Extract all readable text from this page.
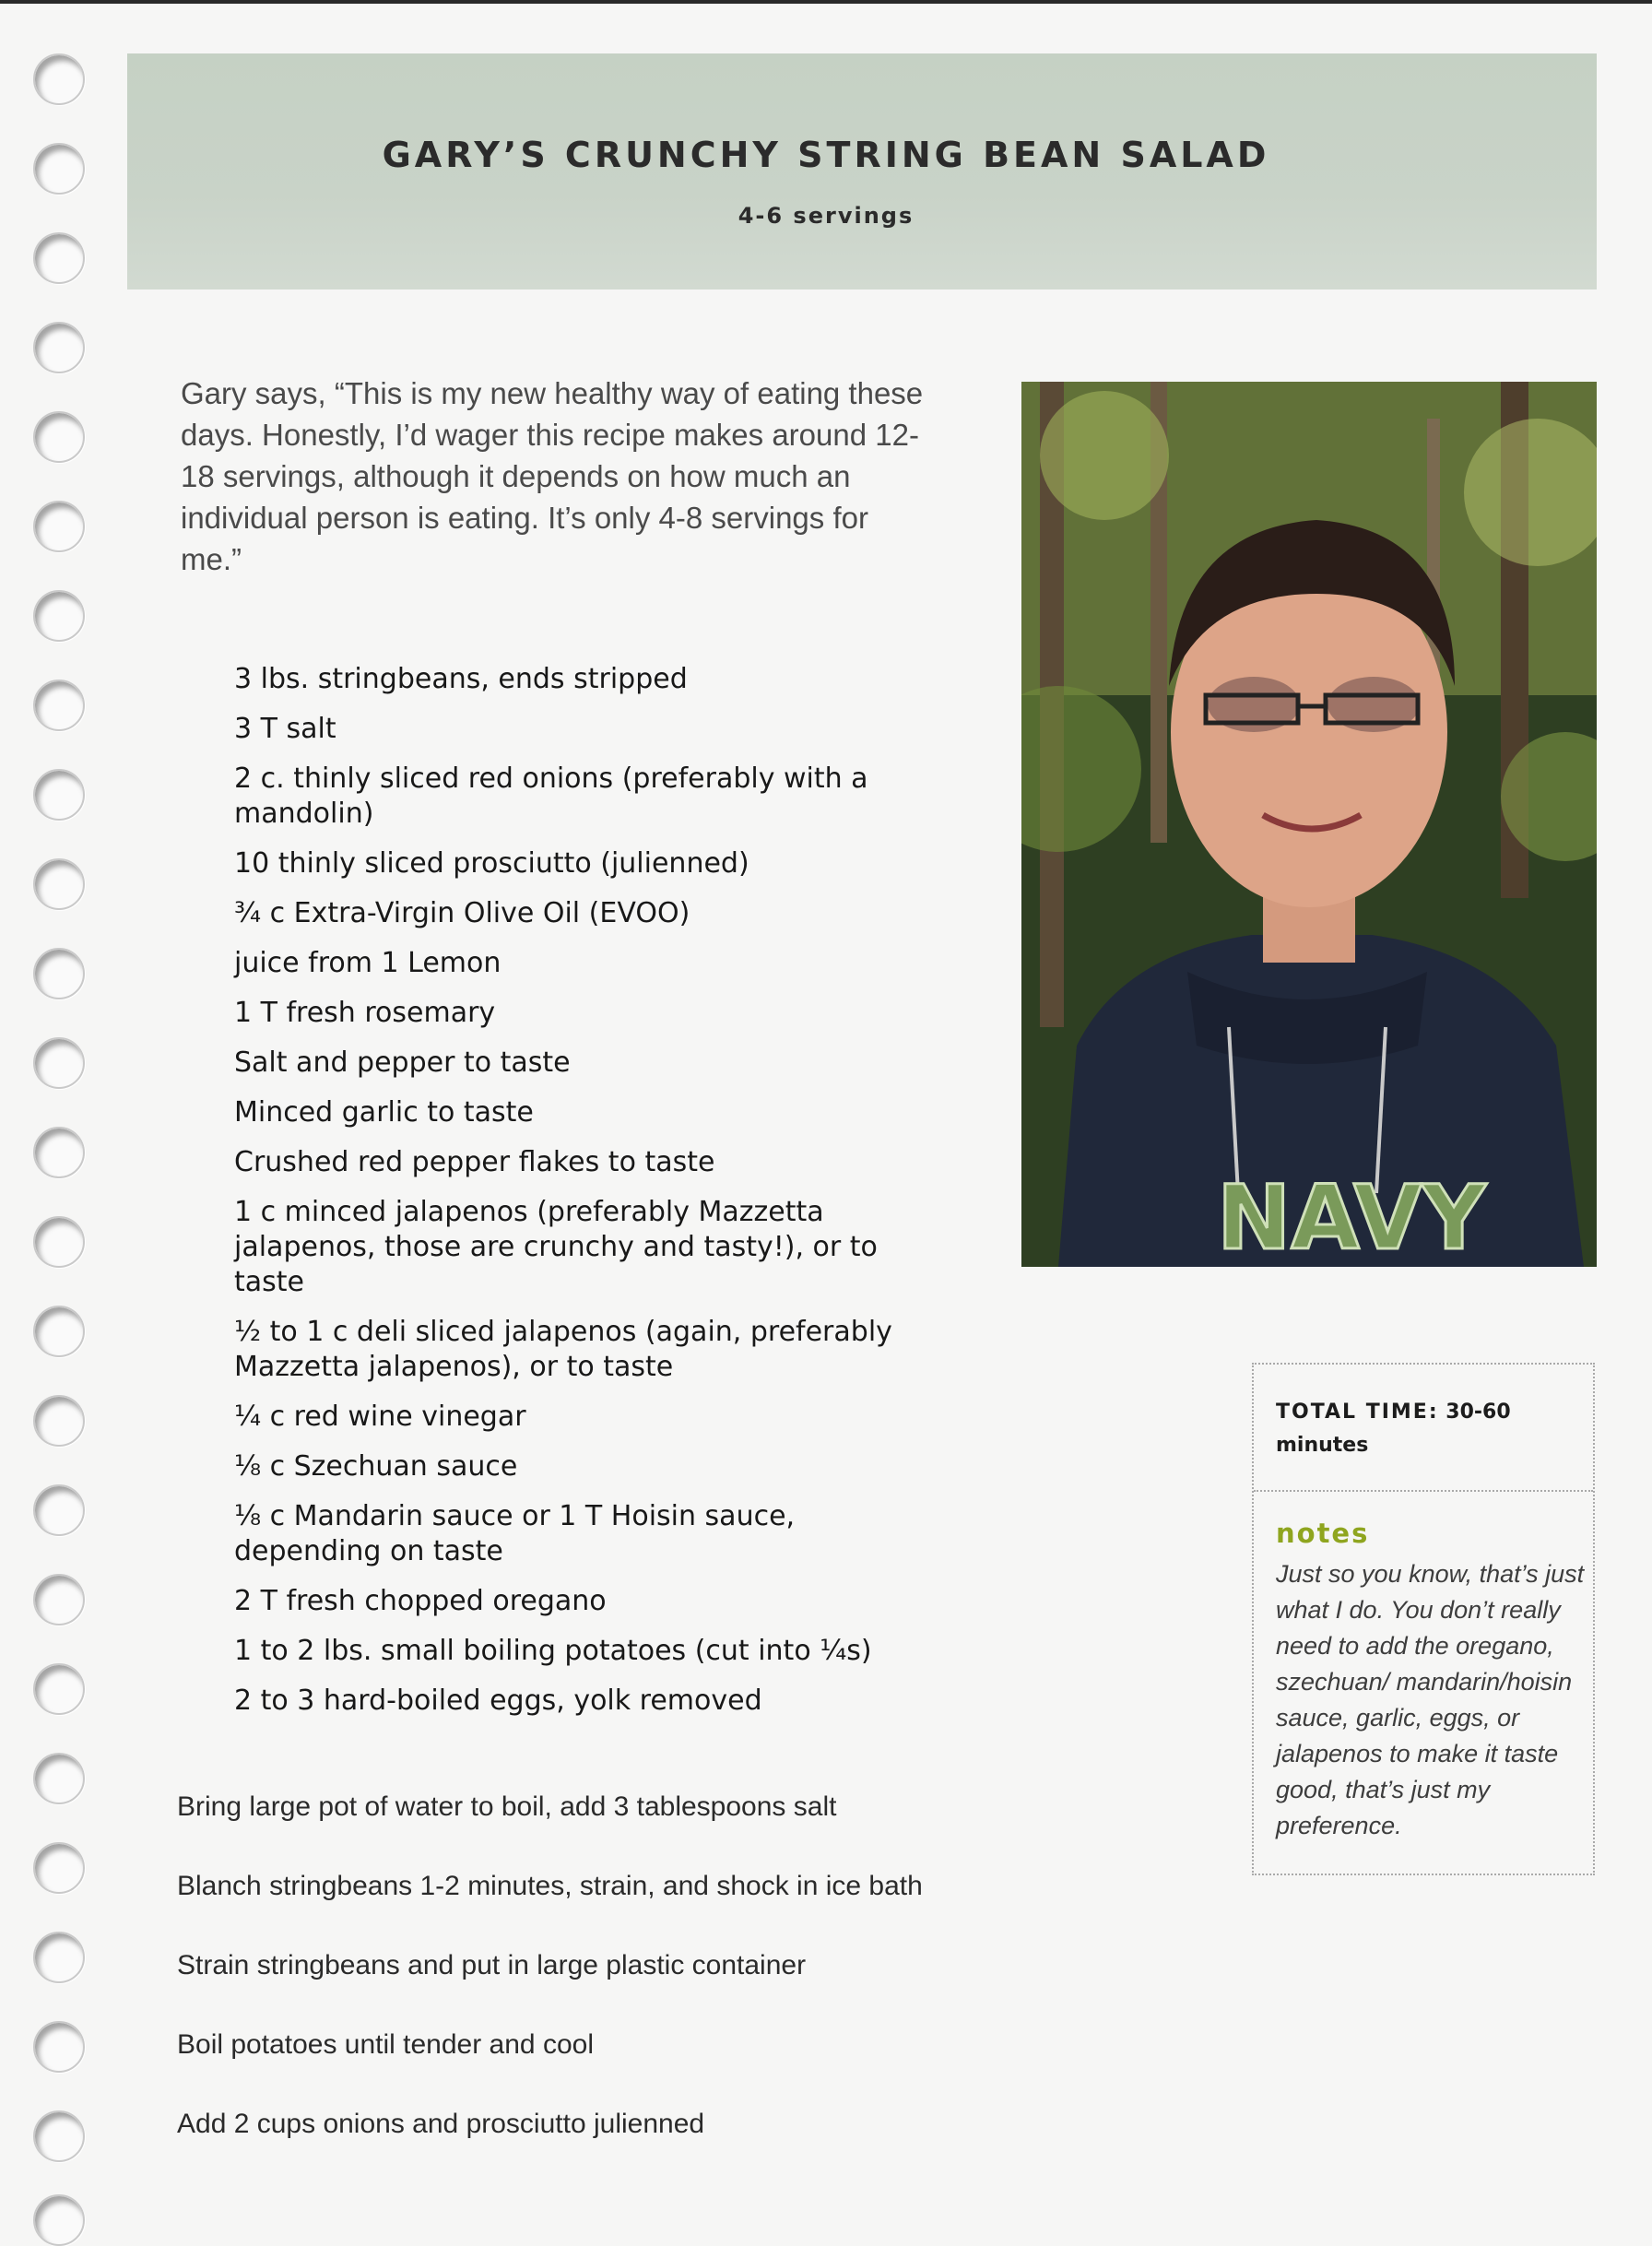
GARY’S CRUNCHY STRING BEAN SALAD
4-6 servings

Gary says, “This is my new healthy way of eating these days. Honestly, I’d wager this recipe makes around 12-18 servings, although it depends on how much an individual person is eating. It’s only 4-8 servings for me.”

3 lbs. stringbeans, ends stripped
3 T salt
2 c. thinly sliced red onions (preferably with a mandolin)
10 thinly sliced prosciutto (julienned)
¾ c Extra-Virgin Olive Oil (EVOO)
juice from 1 Lemon
1 T fresh rosemary
Salt and pepper to taste
Minced garlic to taste
Crushed red pepper flakes to taste
1 c minced jalapenos (preferably Mazzetta jalapenos, those are crunchy and tasty!), or to taste
½ to 1 c deli sliced jalapenos (again, preferably Mazzetta jalapenos), or to taste
¼ c red wine vinegar
⅛ c Szechuan sauce
⅛ c Mandarin sauce or 1 T Hoisin sauce, depending on taste
2 T fresh chopped oregano
1 to 2 lbs. small boiling potatoes (cut into ¼s)
2 to 3 hard-boiled eggs, yolk removed
Bring large pot of water to boil, add 3 tablespoons salt
Blanch stringbeans 1-2 minutes, strain, and shock in ice bath
Strain stringbeans and put in large plastic container
Boil potatoes until tender and cool
Add 2 cups onions and prosciutto julienned
NAVY
TOTAL TIME: 30-60 minutes
notes

Just so you know, that’s just what I do. You don’t really need to add the oregano, szechuan/ mandarin/hoisin sauce, garlic, eggs, or jalapenos to make it taste good, that’s just my preference.
